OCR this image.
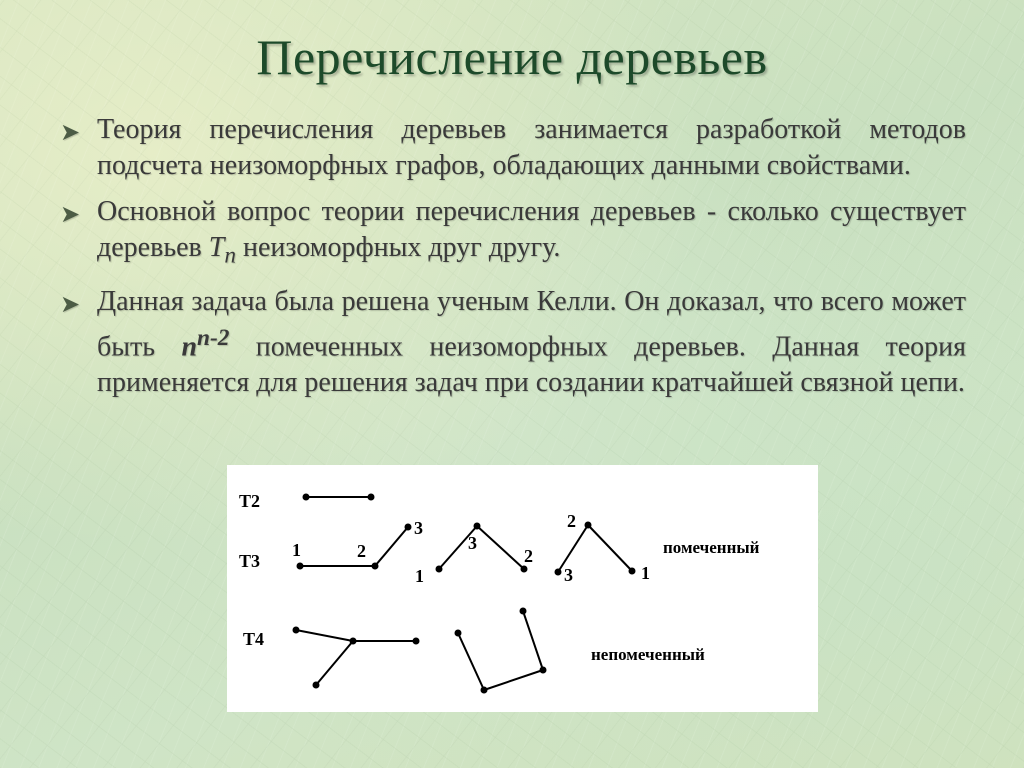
Перечисление деревьев
➤ Теория перечисления деревьев занимается разработкой методов подсчета неизоморфных графов, обладающих данными свойствами.
➤ Основной вопрос теории перечисления деревьев - сколько существует деревьев $T_n$ неизоморфных друг другу.
➤ Данная задача была решена ученым Келли. Он доказал, что всего может быть $n^{n-2}$ помеченных неизоморфных деревьев. Данная теория применяется для решения задач при создании кратчайшей связной цепи.
T2
T3
T4
1	2
3
1
3
2
3
2
1
помеченный
непомеченный
